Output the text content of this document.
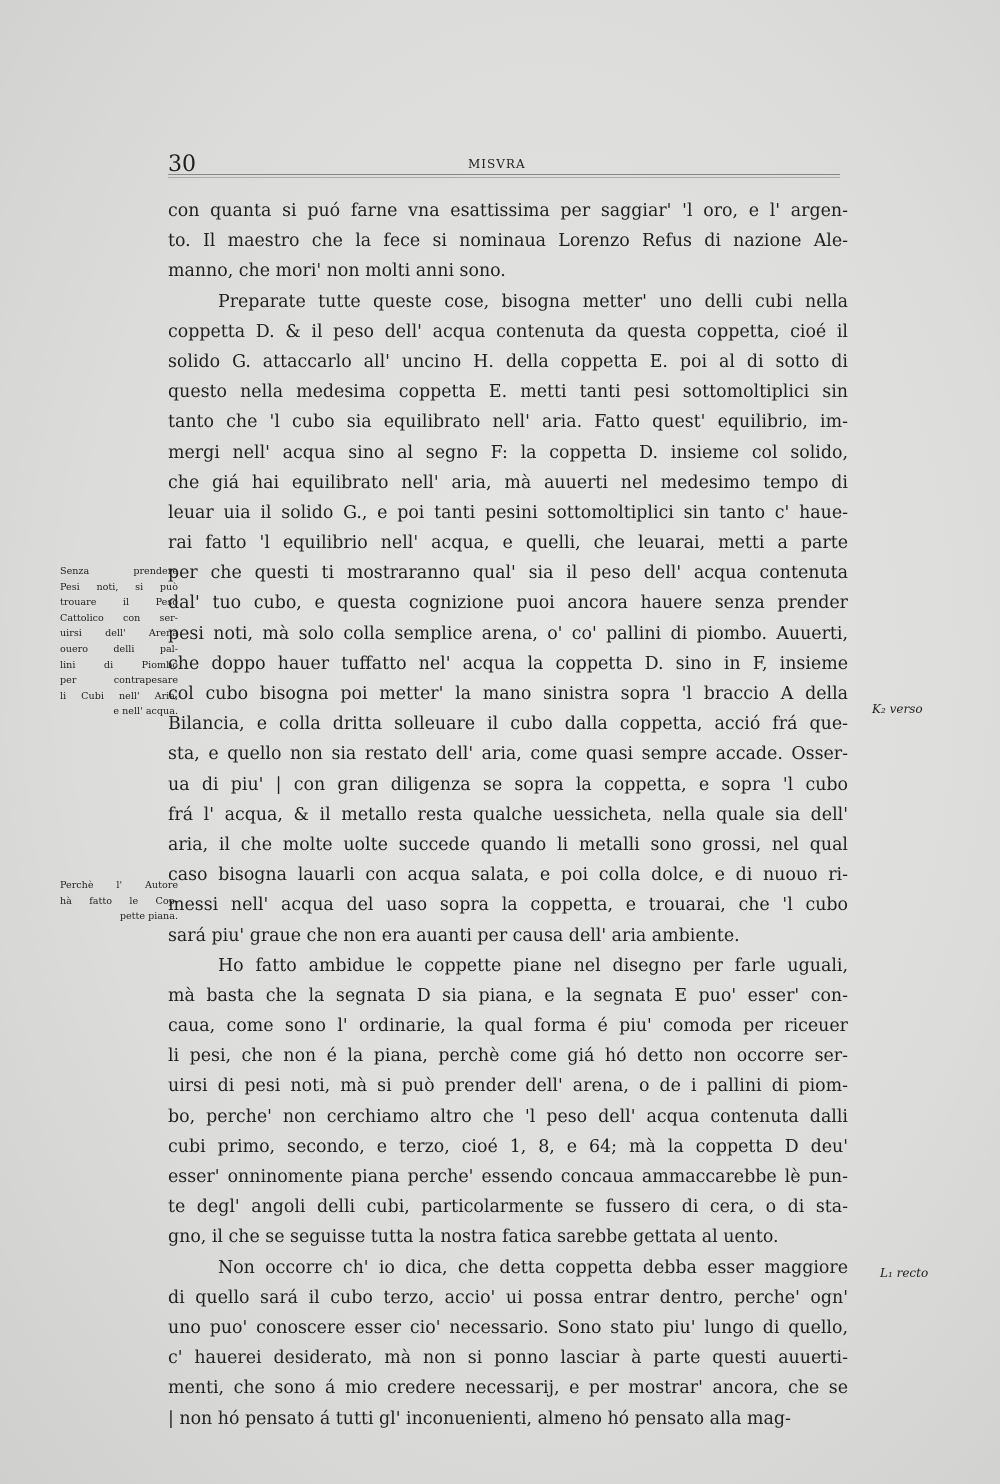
30	MISVRA
con quanta si puó farne vna esattissima per saggiar' 'l oro, e l' argen-
to. Il maestro che la fece si nominaua Lorenzo Refus di nazione Ale-
manno, che mori' non molti anni sono.
Preparate tutte queste cose, bisogna metter' uno delli cubi nella
coppetta D. & il peso dell' acqua contenuta da questa coppetta, cioé il
solido G. attaccarlo all' uncino H. della coppetta E. poi al di sotto di
questo nella medesima coppetta E. metti tanti pesi sottomoltiplici sin
tanto che 'l cubo sia equilibrato nell' aria. Fatto quest' equilibrio, im-
mergi nell' acqua sino al segno F: la coppetta D. insieme col solido,
che giá hai equilibrato nell' aria, mà auuerti nel medesimo tempo di
leuar uia il solido G., e poi tanti pesini sottomoltiplici sin tanto c' haue-
rai fatto 'l equilibrio nell' acqua, e quelli, che leuarai, metti a parte
per che questi ti mostraranno qual' sia il peso dell' acqua contenuta
dal' tuo cubo, e questa cognizione puoi ancora hauere senza prender
pesi noti, mà solo colla semplice arena, o' co' pallini di piombo. Auuerti,
che doppo hauer tuffatto nel' acqua la coppetta D. sino in F, insieme
col cubo bisogna poi metter' la mano sinistra sopra 'l braccio A della
Bilancia, e colla dritta solleuare il cubo dalla coppetta, acció frá que-
sta, e quello non sia restato dell' aria, come quasi sempre accade. Osser-
ua di piu' | con gran diligenza se sopra la coppetta, e sopra 'l cubo
frá l' acqua, & il metallo resta qualche uessicheta, nella quale sia dell'
aria, il che molte uolte succede quando li metalli sono grossi, nel qual
caso bisogna lauarli con acqua salata, e poi colla dolce, e di nuouo ri-
messi nell' acqua del uaso sopra la coppetta, e trouarai, che 'l cubo
sará piu' graue che non era auanti per causa dell' aria ambiente.
Ho fatto ambidue le coppette piane nel disegno per farle uguali,
mà basta che la segnata D sia piana, e la segnata E puo' esser' con-
caua, come sono l' ordinarie, la qual forma é piu' comoda per riceuer
li pesi, che non é la piana, perchè come giá hó detto non occorre ser-
uirsi di pesi noti, mà si può prender dell' arena, o de i pallini di piom-
bo, perche' non cerchiamo altro che 'l peso dell' acqua contenuta dalli
cubi primo, secondo, e terzo, cioé 1, 8, e 64; mà la coppetta D deu'
esser' onninomente piana perche' essendo concaua ammaccarebbe lè pun-
te degl' angoli delli cubi, particolarmente se fussero di cera, o di sta-
gno, il che se seguisse tutta la nostra fatica sarebbe gettata al uento.
Non occorre ch' io dica, che detta coppetta debba esser maggiore
di quello sará il cubo terzo, accio' ui possa entrar dentro, perche' ogn'
uno puo' conoscere esser cio' necessario. Sono stato piu' lungo di quello,
c' hauerei desiderato, mà non si ponno lasciar à parte questi auuerti-
menti, che sono á mio credere necessarij, e per mostrar' ancora, che se
| non hó pensato á tutti gl' inconuenienti, almeno hó pensato alla mag-
Senza prendere
Pesi noti, si può
trouare il Peso
Cattolico con ser-
uirsi dell' Arena
ouero delli pal-
lini di Piombo
per contrapesare
li Cubi nell' Aria,
e nell' acqua.
Perchè l' Autore
hà fatto le Cop-
pette piana.
K₂ verso
L₁ recto
